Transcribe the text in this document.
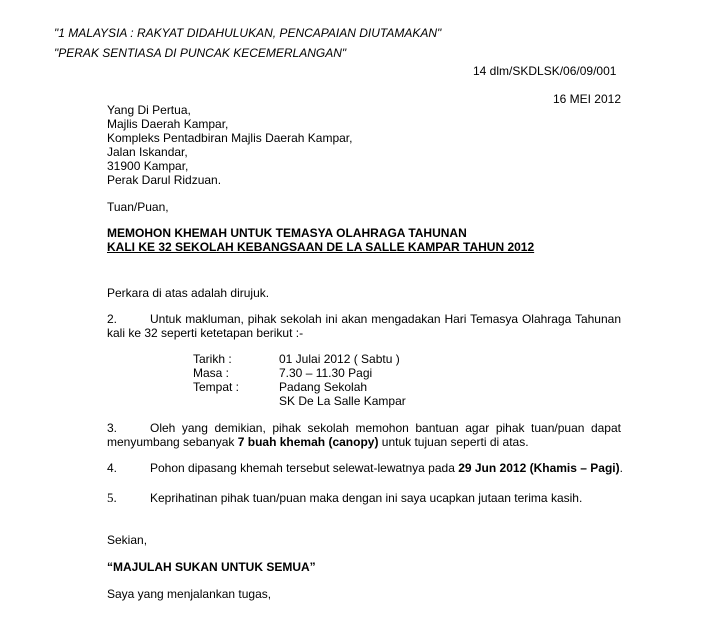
"1 MALAYSIA : RAKYAT DIDAHULUKAN, PENCAPAIAN DIUTAMAKAN"
"PERAK SENTIASA DI PUNCAK KECEMERLANGAN"
14 dlm/SKDLSK/06/09/001
16 MEI 2012
Yang Di Pertua,
Majlis Daerah Kampar,
Kompleks Pentadbiran Majlis Daerah Kampar,
Jalan Iskandar,
31900 Kampar,
Perak Darul Ridzuan.
Tuan/Puan,
MEMOHON KHEMAH UNTUK TEMASYA OLAHRAGA TAHUNAN
KALI KE 32 SEKOLAH KEBANGSAAN DE LA SALLE KAMPAR TAHUN 2012
Perkara di atas adalah dirujuk.
2.	Untuk makluman, pihak sekolah ini akan mengadakan Hari Temasya Olahraga Tahunan
kali ke 32 seperti ketetapan berikut :-
Tarikh :	01 Julai 2012 ( Sabtu )
Masa :	7.30 – 11.30 Pagi
Tempat :	Padang Sekolah
SK De La Salle Kampar
3.	Oleh yang demikian, pihak sekolah memohon bantuan agar pihak tuan/puan dapat
menyumbang sebanyak 7 buah khemah (canopy) untuk tujuan seperti di atas.
4.	Pohon dipasang khemah tersebut selewat-lewatnya pada 29 Jun 2012 (Khamis – Pagi).
5.	Keprihatinan pihak tuan/puan maka dengan ini saya ucapkan jutaan terima kasih.
Sekian,
“MAJULAH SUKAN UNTUK SEMUA”
Saya yang menjalankan tugas,
